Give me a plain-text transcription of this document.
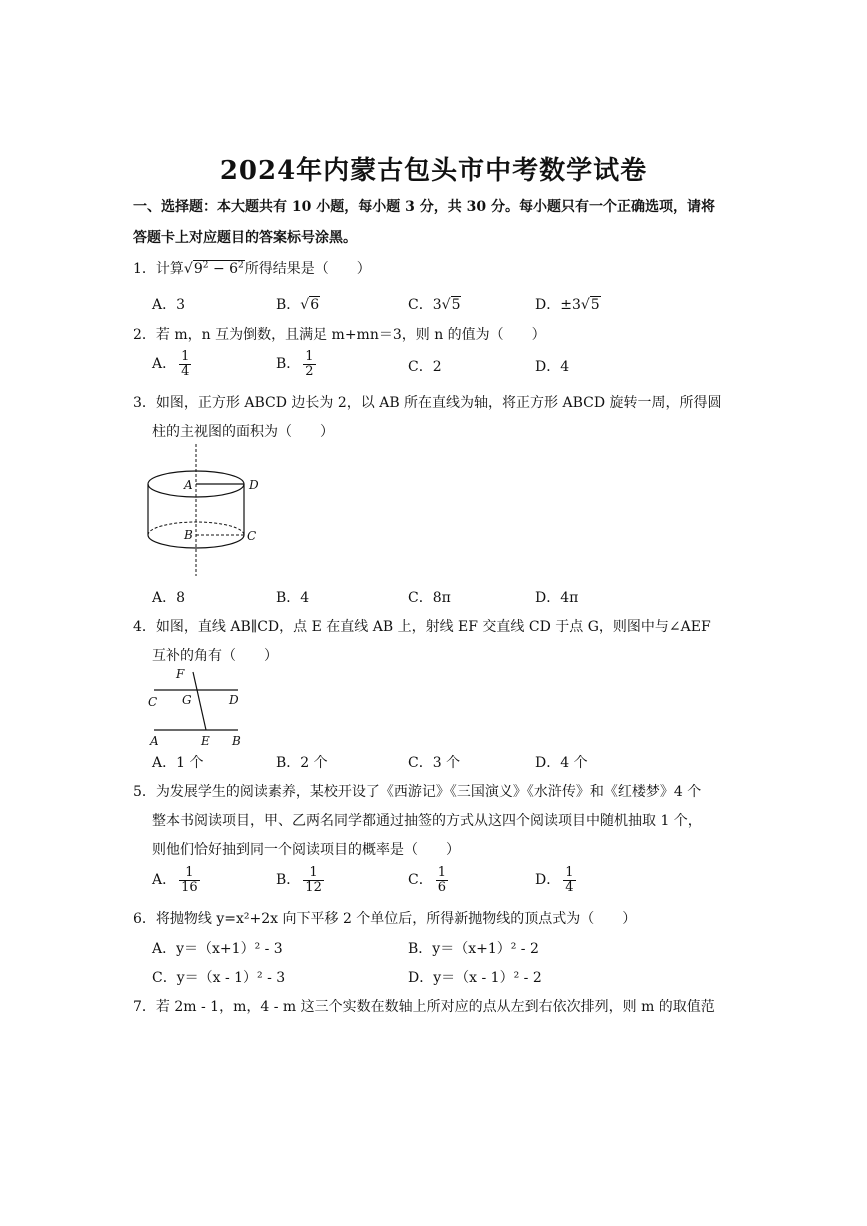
2024年内蒙古包头市中考数学试卷
一、选择题：本大题共有 10 小题，每小题 3 分，共 30 分。每小题只有一个正确选项，请将
答题卡上对应题目的答案标号涂黑。
1．计算$√9^2 - 6^2$所得结果是（　　）
A．3	B．√6	C．3√5	D．±3√5
2．若 m，n 互为倒数，且满足 m+mn＝3，则 n 的值为（　　）
A． $\frac{1}{4}$	B． $\frac{1}{2}$	C．2	D．4
3．如图，正方形 ABCD 边长为 2，以 AB 所在直线为轴，将正方形 ABCD 旋转一周，所得圆
柱的主视图的面积为（　　）
A	D
B	C
A．8	B．4	C．8π	D．4π
4．如图，直线 AB∥CD，点 E 在直线 AB 上，射线 EF 交直线 CD 于点 G，则图中与∠AEF
互补的角有（　　）
F
C G	D
A	E B
A．1 个	B．2 个	C．3 个	D．4 个
5．为发展学生的阅读素养，某校开设了《西游记》《三国演义》《水浒传》和《红楼梦》4 个
整本书阅读项目，甲、乙两名同学都通过抽签的方式从这四个阅读项目中随机抽取 1 个，
则他们恰好抽到同一个阅读项目的概率是（　　）
A． $\frac{1}{16}$	B． $\frac{1}{12}$	C． $\frac{1}{6}$	D． $\frac{1}{4}$
6．将抛物线 y=x²+2x 向下平移 2 个单位后，所得新抛物线的顶点式为（　　）
A．y＝（x+1）² - 3	B．y＝（x+1）² - 2
C．y＝（x - 1）² - 3	D．y＝（x - 1）² - 2
7．若 2m - 1，m，4 - m 这三个实数在数轴上所对应的点从左到右依次排列，则 m 的取值范
